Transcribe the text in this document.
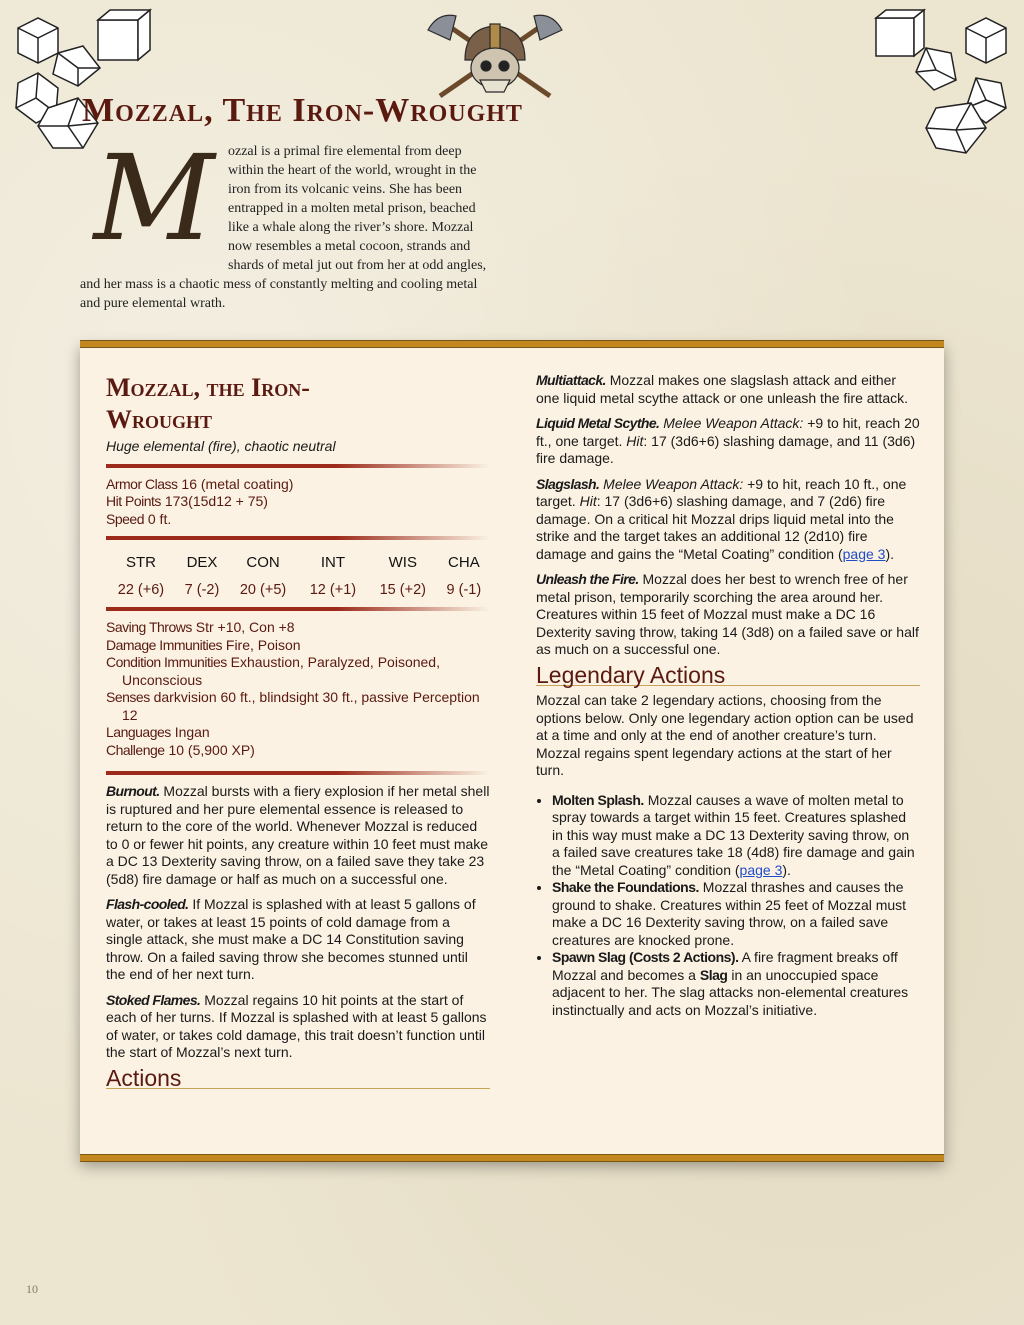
Mozzal, The Iron-Wrought
Mozzal is a primal fire elemental from deep within the heart of the world, wrought in the iron from its volcanic veins. She has been entrapped in a molten metal prison, beached like a whale along the river’s shore. Mozzal now resembles a metal cocoon, strands and shards of metal jut out from her at odd angles, and her mass is a chaotic mess of constantly melting and cooling metal and pure elemental wrath.
Mozzal, the Iron-Wrought
Huge elemental (fire), chaotic neutral

Armor Class 16 (metal coating)

Hit Points 173(15d12 + 75)

Speed 0 ft.

STR	DEX	CON	INT	WIS	CHA
22 (+6)	7 (-2)	20 (+5)	12 (+1)	15 (+2)	9 (-1)

Saving Throws Str +10, Con +8

Damage Immunities Fire, Poison

Condition Immunities Exhaustion, Paralyzed, Poisoned, Unconscious

Senses darkvision 60 ft., blindsight 30 ft., passive Perception 12

Languages Ingan

Challenge 10 (5,900 XP)

Burnout. Mozzal bursts with a fiery explosion if her metal shell is ruptured and her pure elemental essence is released to return to the core of the world. Whenever Mozzal is reduced to 0 or fewer hit points, any creature within 10 feet must make a DC 13 Dexterity saving throw, on a failed save they take 23 (5d8) fire damage or half as much on a successful one.

Flash-cooled. If Mozzal is splashed with at least 5 gallons of water, or takes at least 15 points of cold damage from a single attack, she must make a DC 14 Constitution saving throw. On a failed saving throw she becomes stunned until the end of her next turn.

Stoked Flames. Mozzal regains 10 hit points at the start of each of her turns. If Mozzal is splashed with at least 5 gallons of water, or takes cold damage, this trait doesn’t function until the start of Mozzal’s next turn.

Actions

Multiattack. Mozzal makes one slagslash attack and either one liquid metal scythe attack or one unleash the fire attack.

Liquid Metal Scythe. Melee Weapon Attack: +9 to hit, reach 20 ft., one target. Hit: 17 (3d6+6) slashing damage, and 11 (3d6) fire damage.

Slagslash. Melee Weapon Attack: +9 to hit, reach 10 ft., one target. Hit: 17 (3d6+6) slashing damage, and 7 (2d6) fire damage. On a critical hit Mozzal drips liquid metal into the strike and the target takes an additional 12 (2d10) fire damage and gains the “Metal Coating” condition (page 3).

Unleash the Fire. Mozzal does her best to wrench free of her metal prison, temporarily scorching the area around her. Creatures within 15 feet of Mozzal must make a DC 16 Dexterity saving throw, taking 14 (3d8) on a failed save or half as much on a successful one.

Legendary Actions

Mozzal can take 2 legendary actions, choosing from the options below. Only one legendary action option can be used at a time and only at the end of another creature’s turn. Mozzal regains spent legendary actions at the start of her turn.

• Molten Splash. Mozzal causes a wave of molten metal to spray towards a target within 15 feet. Creatures splashed in this way must make a DC 13 Dexterity saving throw, on a failed save creatures take 18 (4d8) fire damage and gain the “Metal Coating” condition (page 3).
• Shake the Foundations. Mozzal thrashes and causes the ground to shake. Creatures within 25 feet of Mozzal must make a DC 16 Dexterity saving throw, on a failed save creatures are knocked prone.
• Spawn Slag (Costs 2 Actions). A fire fragment breaks off Mozzal and becomes a Slag in an unoccupied space adjacent to her. The slag attacks non-elemental creatures instinctually and acts on Mozzal’s initiative.
10
